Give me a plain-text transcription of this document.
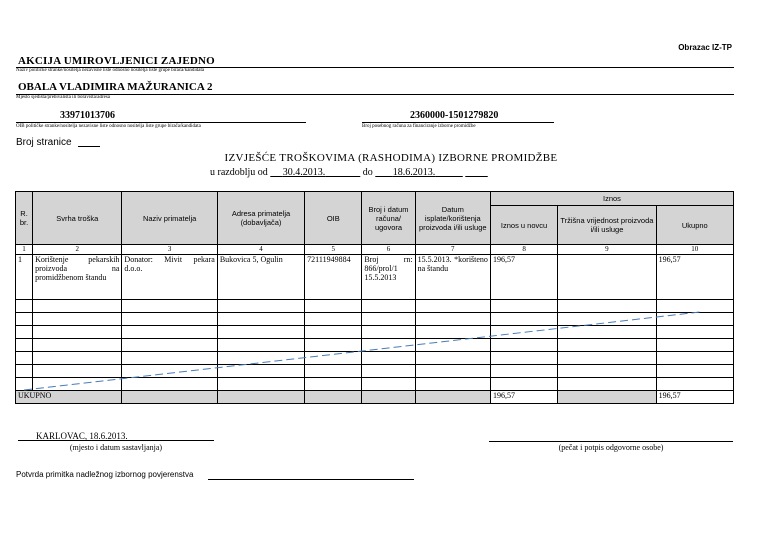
Obrazac IZ-TP
AKCIJA UMIROVLJENICI ZAJEDNO
Naziv političke stranke/nositelja nezavisne liste odnosno nositelja liste grupe birača/kandidata
OBALA VLADIMIRA MAŽURANICA 2
Mjesto sjedišta/prebivališta ili boravišta/adresa
33971013706
OIB političke stranke/nositelja nezavisne liste odnosno nositelja liste grupe birača/kandidata
2360000-1501279820
Broj posebnog računa za financiranje izborne promidžbe
Broj stranice
IZVJEŠĆE TROŠKOVIMA (RASHODIMA) IZBORNE PROMIDŽBE
u razdoblju od 30.4.2013.	do 18.6.2013.
R. br.	Svrha troška	Naziv primatelja	Adresa primatelja (dobavljača)	OIB	Broj i datum računa/ ugovora	Datum isplate/korištenja proizvoda i/ili usluge	Iznos		
							Iznos u novcu	Tržišna vrijednost proizvoda i/ili usluge	Ukupno
1	2	3	4	5	6	7	8	9	10
1	Korištenje pekarskih proizvoda na promidžbenom štandu	Donator: Mivit pekara d.o.o.	Bukovica 5, Ogulin	72111949884	Broj rn: 866/prol/1 15.5.2013	15.5.2013. *korišteno na štandu	196,57		196,57

UKUPNO							196,57		196,57
KARLOVAC, 18.6.2013.
(mjesto i datum sastavljanja)	(pečat i potpis odgovorne osobe)
Potvrda primitka nadležnog izbornog povjerenstva
